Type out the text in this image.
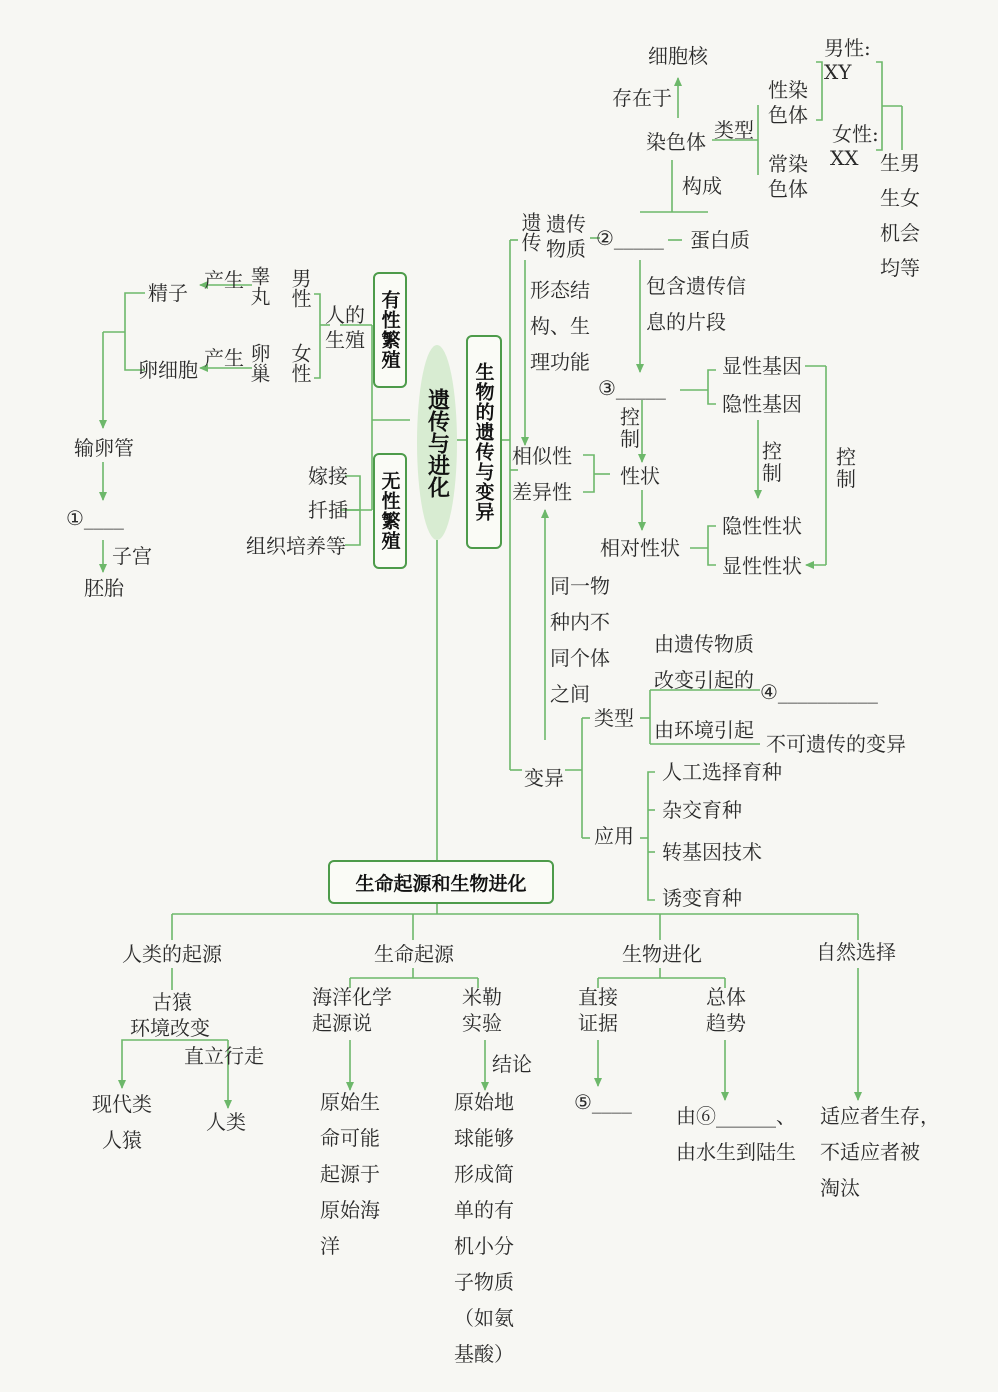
遗传与进化
有性繁殖
无性繁殖	生物的遗传与变异
生命起源和生物进化
精子
卵细胞
产生
产生
睾丸
卵巢
男性
女性
人的
生殖
输卵管
①____
子宫
胚胎
嫁接
扦插
组织培养等
细胞核
存在于
染色体 类型
性染
色体
常染
色体
男性:
XY
女性:
XX 生男
生女
机会
均等
构成
遗传 遗传
物质 ②_____ 蛋白质
包含遗传信
息的片段
形态结
构、生
理功能
③_____
显性基因
隐性基因
控
制	控
制
控
制
性状
相似性
差异性
相对性状
隐性性状
显性性状
同一物
种内不
同个体
之间
变异
类型
由遗传物质
改变引起的 ④__________
由环境引起
不可遗传的变异
应用
人工选择育种
杂交育种
转基因技术
诱变育种
人类的起源
古猿
环境改变
直立行走
现代类
人猿
人类
生命起源
海洋化学
起源说
米勒
实验
结论
原始生
命可能
起源于
原始海
洋
原始地
球能够
形成简
单的有
机小分
子物质
（如氨
基酸）
生物进化
直接
证据
总体
趋势
⑤____
由⑥______、
由水生到陆生
自然选择
适应者生存，
不适应者被
淘汰
